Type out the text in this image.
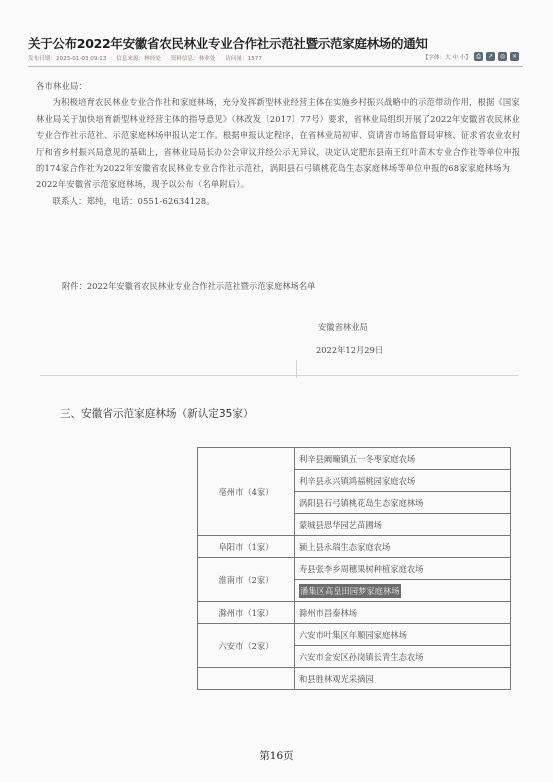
关于公布2022年安徽省农民林业专业合作社示范社暨示范家庭林场的通知
发布日期：2023-01-03 09:13 信息来源：林经处 资料信息：林业处 访问量：1577	【字体：大 中 小】 ⎙	↗	◎	×

各市林业局：

为积极培育农民林业专业合作社和家庭林场，充分发挥新型林业经营主体在实施乡村振兴战略中的示范带动作用，根据《国家林业局关于加快培育新型林业经营主体的指导意见》（林改发〔2017〕77号）要求，省林业局组织开展了2022年安徽省农民林业专业合作社示范社、示范家庭林场申报认定工作。根据申报认定程序，在省林业局初审、资请省市场监督局审核、征求省农业农村厅和省乡村振兴局意见的基础上，省林业局局长办公会审议并经公示无异议，决定认定肥东县南王红叶苗木专业合作社等单位申报的174家合作社为2022年安徽省农民林业专业合作社示范社，涡阳县石弓镇桃花岛生态家庭林场等单位申报的68家家庭林场为2022年安徽省示范家庭林场，现予以公布（名单附后）。

联系人：郑纯，电话：0551-62634128。

附件：2022年安徽省农民林业专业合作社示范社暨示范家庭林场名单
安徽省林业局
2022年12月29日
三、安徽省示范家庭林场（新认定35家）
亳州市（4家）	利辛县阚疃镇五一冬枣家庭农场
	利辛县永兴镇鸿福桃园家庭农场
	涡阳县石弓镇桃花岛生态家庭林场
	蒙城县思华园艺苗圃场
阜阳市（1家）	颍上县永瑞生态家庭农场
淮南市（2家）	寿县张李乡周穗果树种植家庭农场
	潘集区高皇田园梦家庭林场
滁州市（1家）	滁州市昌泰林场
六安市（2家）	六安市叶集区年顺园家庭林场
	六安市金安区孙岗镇长青生态农场
	和县胜林观光采摘园
第16页
